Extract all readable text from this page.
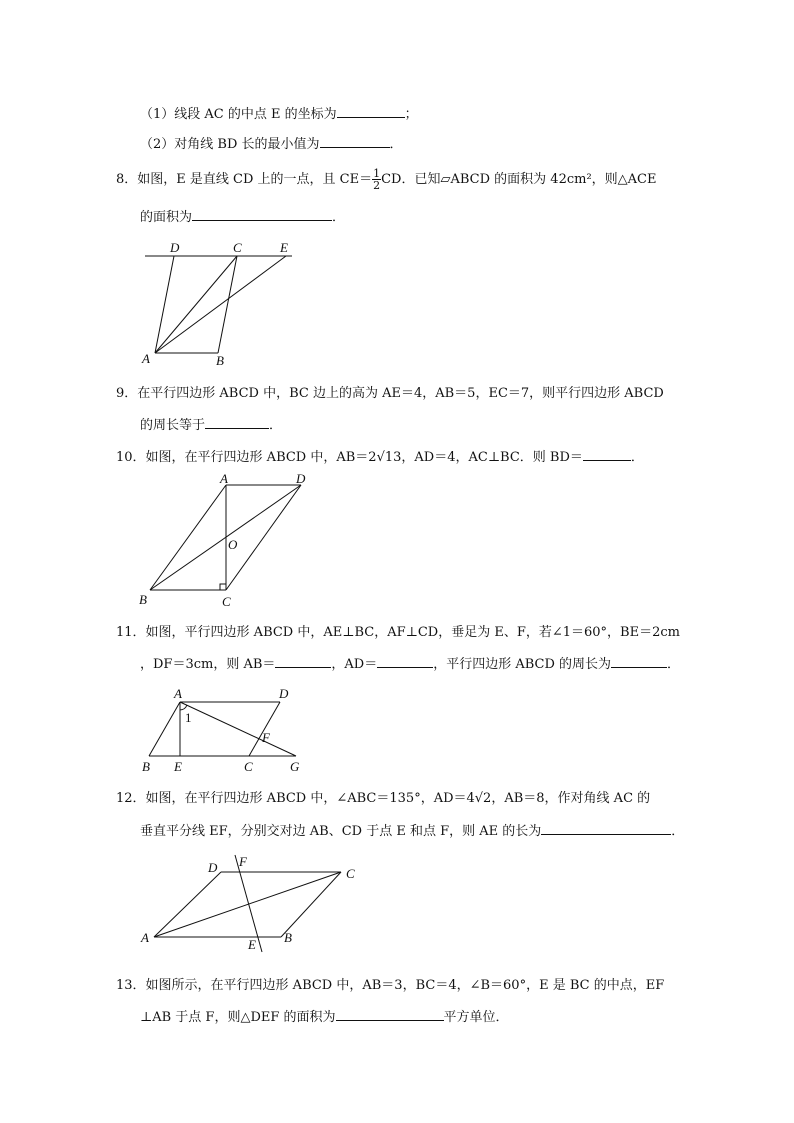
（1）线段 AC 的中点 E 的坐标为	；
（2）对角线 BD 长的最小值为	．
8．如图，E 是直线 CD 上的一点，且 $CE= \frac{1}{2}$ CD．已知▱ABCD 的面积为 42cm²，则△ACE
的面积为	．
D	C	E
A	B
9．在平行四边形 ABCD 中，BC 边上的高为 AE＝4，AB＝5，EC＝7，则平行四边形 ABCD
的周长等于	．
10．如图，在平行四边形 ABCD 中，AB＝2√13，AD＝4，AC⊥BC．则 BD＝	．
A	D
O
B	C
11．如图，平行四边形 ABCD 中，AE⊥BC，AF⊥CD，垂足为 E、F，若∠1＝60°，BE＝2cm
，DF＝3cm，则 AB＝	，AD＝	，平行四边形 ABCD 的周长为	．
A	D
1
F
B E	C	G
12．如图，在平行四边形 ABCD 中，∠ABC＝135°，AD＝4√2，AB＝8，作对角线 AC 的
垂直平分线 EF，分别交对边 AB、CD 于点 E 和点 F，则 AE 的长为	．
D F
C
A	E B
13．如图所示，在平行四边形 ABCD 中，AB＝3，BC＝4，∠B＝60°，E 是 BC 的中点，EF
⊥AB 于点 F，则△DEF 的面积为	平方单位．
